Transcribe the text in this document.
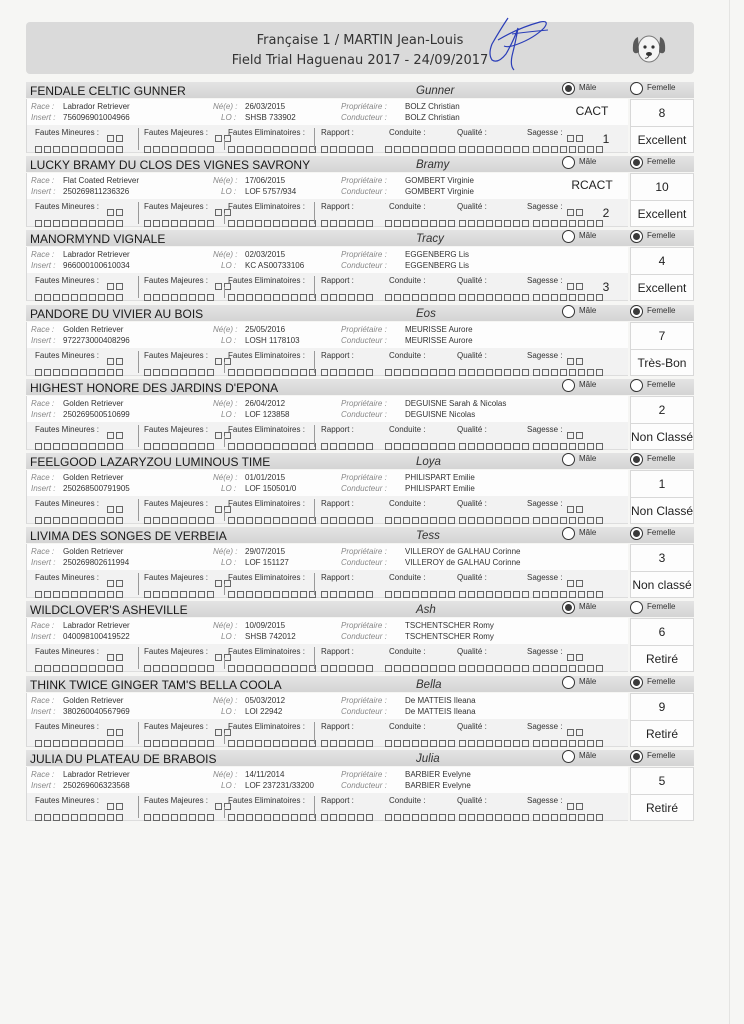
Française 1 / MARTIN Jean-Louis
Field Trial Haguenau 2017 - 24/09/2017
FENDALE CELTIC GUNNER	Gunner	Mâle	Femelle
Race : Labrador Retriever
Insert : 756096901004966
Né(e) : 26/03/2015
LO : SHSB 733902
Propriétaire : BOLZ Christian
Conducteur : BOLZ Christian	CACT
Fautes Mineures :	Fautes Majeures : Fautes Eliminatoires : Rapport :	Conduite :	Qualité :	Sagesse :	1
8
Excellent
LUCKY BRAMY DU CLOS DES VIGNES SAVRONY	Bramy	Mâle	Femelle
Race : Flat Coated Retriever
Insert : 250269811236326
Né(e) : 17/06/2015
LO : LOF 5757/934
Propriétaire : GOMBERT Virginie
Conducteur : GOMBERT Virginie	RCACT
Fautes Mineures :	Fautes Majeures : Fautes Eliminatoires : Rapport :	Conduite :	Qualité :	Sagesse :	2
10
Excellent
MANORMYND VIGNALE	Tracy	Mâle	Femelle
Race : Labrador Retriever
Insert : 966000100610034
Né(e) : 02/03/2015
LO : KC AS00733106
Propriétaire : EGGENBERG Lis
Conducteur : EGGENBERG Lis
Fautes Mineures :	Fautes Majeures : Fautes Eliminatoires : Rapport :	Conduite :	Qualité :	Sagesse :	3
4
Excellent
PANDORE DU VIVIER AU BOIS	Eos	Mâle	Femelle
Race : Golden Retriever
Insert : 972273000408296
Né(e) : 25/05/2016
LO : LOSH 1178103
Propriétaire : MEURISSE Aurore
Conducteur : MEURISSE Aurore
Fautes Mineures :	Fautes Majeures : Fautes Eliminatoires : Rapport :	Conduite :	Qualité :	Sagesse :
7
Très-Bon
HIGHEST HONORE DES JARDINS D'EPONA	Mâle	Femelle
Race : Golden Retriever
Insert : 250269500510699
Né(e) : 26/04/2012
LO : LOF 123858
Propriétaire : DEGUISNE Sarah & Nicolas
Conducteur : DEGUISNE Nicolas
Fautes Mineures :	Fautes Majeures : Fautes Eliminatoires : Rapport :	Conduite :	Qualité :	Sagesse :
2
Non Classé
FEELGOOD LAZARYZOU LUMINOUS TIME	Loya	Mâle	Femelle
Race : Golden Retriever
Insert : 250268500791905
Né(e) : 01/01/2015
LO : LOF 150501/0
Propriétaire : PHILISPART Emilie
Conducteur : PHILISPART Emilie
Fautes Mineures :	Fautes Majeures : Fautes Eliminatoires : Rapport :	Conduite :	Qualité :	Sagesse :
1
Non Classé
LIVIMA DES SONGES DE VERBEIA	Tess	Mâle	Femelle
Race : Golden Retriever
Insert : 250269802611994
Né(e) : 29/07/2015
LO : LOF 151127
Propriétaire : VILLEROY de GALHAU Corinne
Conducteur : VILLEROY de GALHAU Corinne
Fautes Mineures :	Fautes Majeures : Fautes Eliminatoires : Rapport :	Conduite :	Qualité :	Sagesse :
3
Non classé
WILDCLOVER'S ASHEVILLE	Ash	Mâle	Femelle
Race : Labrador Retriever
Insert : 040098100419522
Né(e) : 10/09/2015
LO : SHSB 742012
Propriétaire : TSCHENTSCHER Romy
Conducteur : TSCHENTSCHER Romy
Fautes Mineures :	Fautes Majeures : Fautes Eliminatoires : Rapport :	Conduite :	Qualité :	Sagesse :
6
Retiré
THINK TWICE GINGER TAM'S BELLA COOLA	Bella	Mâle	Femelle
Race : Golden Retriever
Insert : 380260040567969
Né(e) : 05/03/2012
LO : LOI 22942
Propriétaire : De MATTEIS Ileana
Conducteur : De MATTEIS Ileana
Fautes Mineures :	Fautes Majeures : Fautes Eliminatoires : Rapport :	Conduite :	Qualité :	Sagesse :
9
Retiré
JULIA DU PLATEAU DE BRABOIS	Julia	Mâle	Femelle
Race : Labrador Retriever
Insert : 250269606323568
Né(e) : 14/11/2014
LO : LOF 237231/33200
Propriétaire : BARBIER Evelyne
Conducteur : BARBIER Evelyne
Fautes Mineures :	Fautes Majeures : Fautes Eliminatoires : Rapport :	Conduite :	Qualité :	Sagesse :
5
Retiré
